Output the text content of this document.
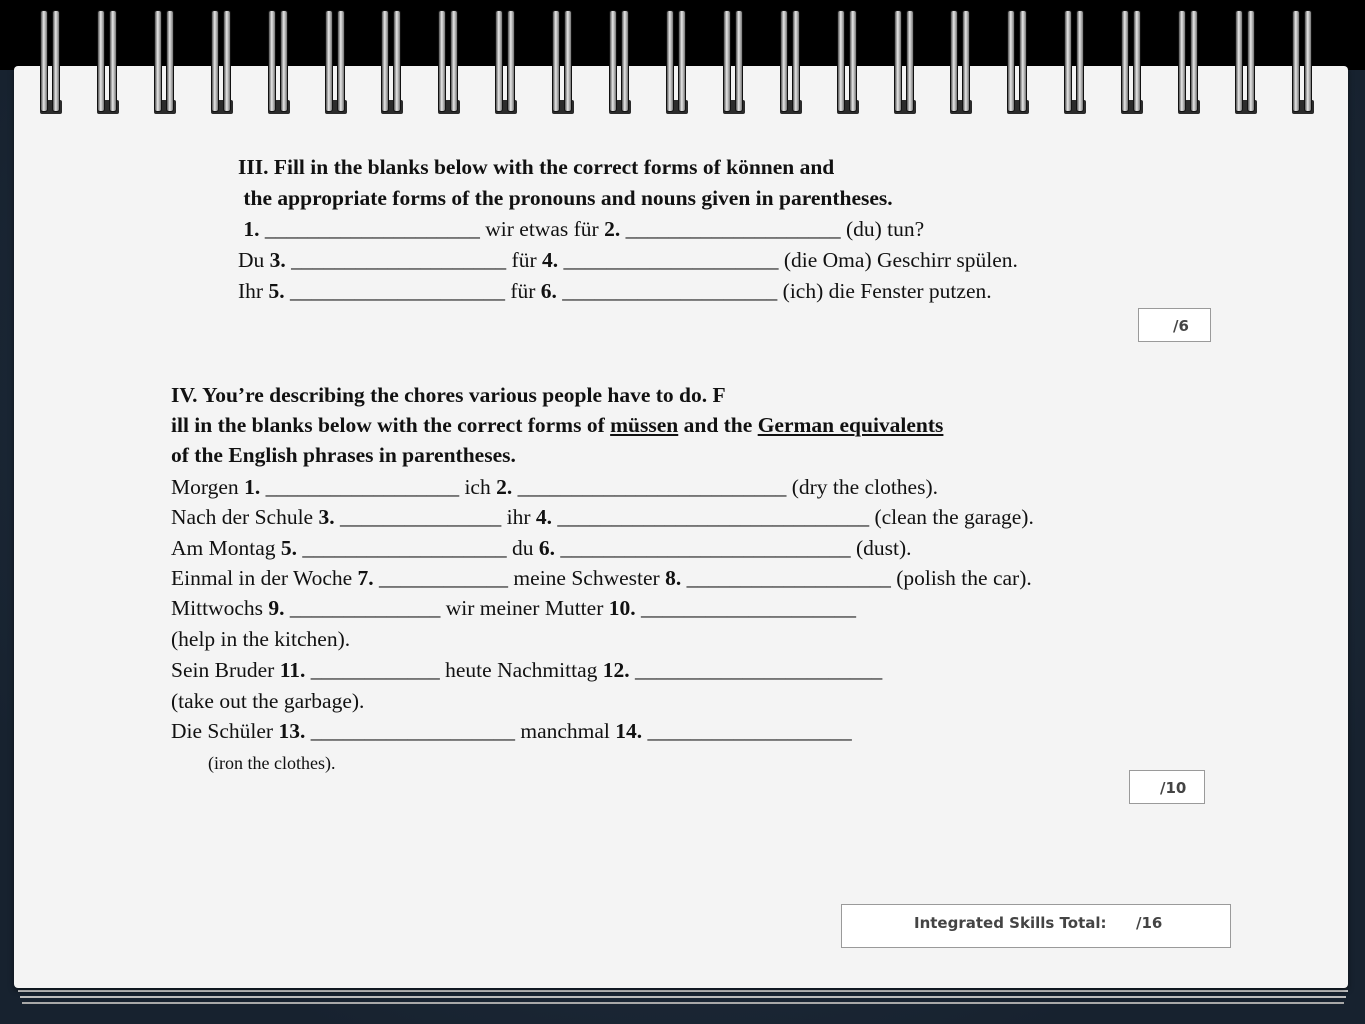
III. Fill in the blanks below with the correct forms of können and
the appropriate forms of the pronouns and nouns given in parentheses.
1. ____________________ wir etwas für 2. ____________________ (du) tun?
Du 3. ____________________ für 4. ____________________ (die Oma) Geschirr spülen.
Ihr 5. ____________________ für 6. ____________________ (ich) die Fenster putzen.
/6
IV. You’re describing the chores various people have to do. F
ill in the blanks below with the correct forms of müssen and the German equivalents
of the English phrases in parentheses.
Morgen 1. __________________ ich 2. _________________________ (dry the clothes).
Nach der Schule 3. _______________ ihr 4. _____________________________ (clean the garage).
Am Montag 5. ___________________ du 6. ___________________________ (dust).
Einmal in der Woche 7. ____________ meine Schwester 8. ___________________ (polish the car).
Mittwochs 9. ______________ wir meiner Mutter 10. ____________________
(help in the kitchen).
Sein Bruder 11. ____________ heute Nachmittag 12. _______________________
(take out the garbage).
Die Schüler 13. ___________________ manchmal 14. ___________________
(iron the clothes).
/10
Integrated Skills Total: /16
